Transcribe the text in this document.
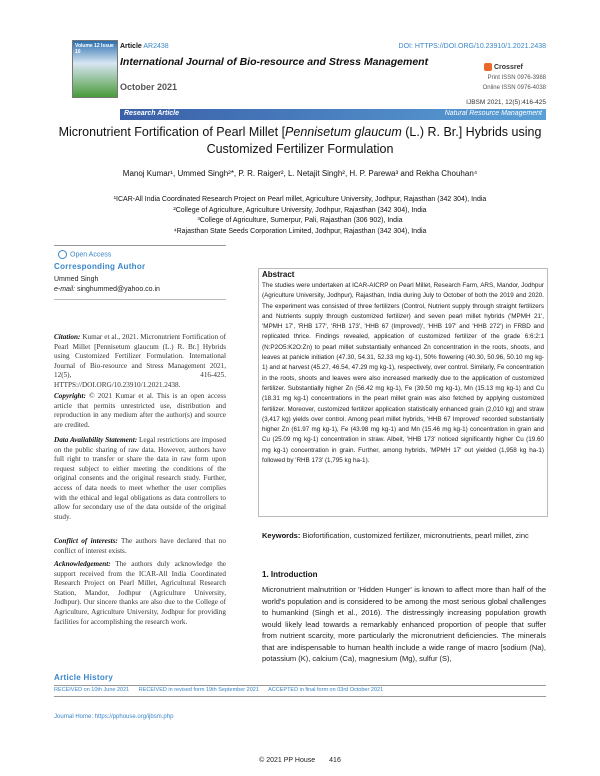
Volume 12 Issue 10
Article AR2438	DOI: HTTPS://DOI.ORG/10.23910/1.2021.2438
International Journal of Bio-resource and Stress Management	Crossref
Print ISSN 0976-3988
Online ISSN 0976-4038
October 2021
IJBSM 2021, 12(5):416-425
Research Article	Natural Resource Management
Micronutrient Fortification of Pearl Millet [Pennisetum glaucum (L.) R. Br.] Hybrids using Customized Fertilizer Formulation
Manoj Kumar¹, Ummed Singh²*, P. R. Raiger², L. Netajit Singh², H. P. Parewa³ and Rekha Chouhan⁴
¹ICAR-All India Coordinated Research Project on Pearl millet, Agriculture University, Jodhpur, Rajasthan (342 304), India
²College of Agriculture, Agriculture University, Jodhpur, Rajasthan (342 304), India
³College of Agriculture, Sumerpur, Pali, Rajasthan (306 902), India
⁴Rajasthan State Seeds Corporation Limited, Jodhpur, Rajasthan (342 304), India
Open Access
Corresponding Author
Ummed Singh
e-mail: singhummed@yahoo.co.in
Citation: Kumar et al., 2021. Micronutrient Fortification of Pearl Millet [Pennisetum glaucum (L.) R. Br.] Hybrids using Customized Fertilizer Formulation. International Journal of Bio-resource and Stress Management 2021, 12(5), 416-425. HTTPS://DOI.ORG/10.23910/1.2021.2438.
Copyright: © 2021 Kumar et al. This is an open access article that permits unrestricted use, distribution and reproduction in any medium after the author(s) and source are credited.
Data Availability Statement: Legal restrictions are imposed on the public sharing of raw data. However, authors have full right to transfer or share the data in raw form upon request subject to either meeting the conditions of the original consents and the original research study. Further, access of data needs to meet whether the user complies with the ethical and legal obligations as data controllers to allow for secondary use of the data outside of the original study.
Conflict of interests: The authors have declared that no conflict of interest exists.
Acknowledgement: The authors duly acknowledge the support received from the ICAR-All India Coordinated Research Project on Pearl Millet, Agricultural Research Station, Mandor, Jodhpur (Agriculture University, Jodhpur). Our sincere thanks are also due to the College of Agriculture, Agriculture University, Jodhpur for providing facilities for accomplishing the research work.
Abstract
The studies were undertaken at ICAR-AICRP on Pearl Millet, Research Farm, ARS, Mandor, Jodhpur (Agriculture University, Jodhpur), Rajasthan, India during July to October of both the 2019 and 2020. The experiment was consisted of three fertilizers (Control, Nutrient supply through straight fertilizers and Nutrients supply through customized fertilizer) and seven pearl millet hybrids ('MPMH 21', 'MPMH 17', 'RHB 177', 'RHB 173', 'HHB 67 (Improved)', 'HHB 197' and 'HHB 272') in FRBD and replicated thrice. Findings revealed, application of customized fertilizer of the grade 6:6:2:1 (N:P2O5:K2O:Zn) to pearl millet substantially enhanced Zn concentration in the roots, shoots, and leaves at panicle initiation (47.30, 54.31, 52.33 mg kg-1), 50% flowering (40.30, 50.96, 50.10 mg kg-1) and at harvest (45.27, 46.54, 47.29 mg kg-1), respectively, over control. Similarly, Fe concentration in the roots, shoots and leaves were also increased markedly due to the application of customized fertilizer. Substantially higher Zn (56.42 mg kg-1), Fe (39.50 mg kg-1), Mn (15.13 mg kg-1) and Cu (18.31 mg kg-1) concentrations in the pearl millet grain was also fetched by applying customized fertilizer. Moreover, customized fertilizer application statistically enhanced grain (2,010 kg) and straw (3,417 kg) yields over control. Among pearl millet hybrids, 'HHB 67 Improved' recorded substantially higher Zn (61.97 mg kg-1), Fe (43.98 mg kg-1) and Mn (15.46 mg kg-1) concentration in grain and Cu (25.09 mg kg-1) concentration in straw. Albeit, 'HHB 173' noticed significantly higher Cu (19.60 mg kg-1) concentration in grain. Further, among hybrids, 'MPMH 17' out yielded (1,958 kg ha-1) followed by 'RHB 173' (1,795 kg ha-1).
Keywords: Biofortification, customized fertilizer, micronutrients, pearl millet, zinc
1. Introduction
Micronutrient malnutrition or 'Hidden Hunger' is known to affect more than half of the world's population and is considered to be among the most serious global challenges to humankind (Singh et al., 2016). The distressingly increasing population growth would likely lead towards a remarkably enhanced proportion of people that suffer from nutrient scarcity, more particularly the micronutrient deficiencies. The minerals that are indispensable to human health include a wide range of macro [sodium (Na), potassium (K), calcium (Ca), magnesium (Mg), sulfur (S),
Article History
RECEIVED on 10th June 2021 RECEIVED in revised form 19th September 2021 ACCEPTED in final form on 03rd October 2021
Journal Home: https://pphouse.org/ijbsm.php
© 2021 PP House 416
